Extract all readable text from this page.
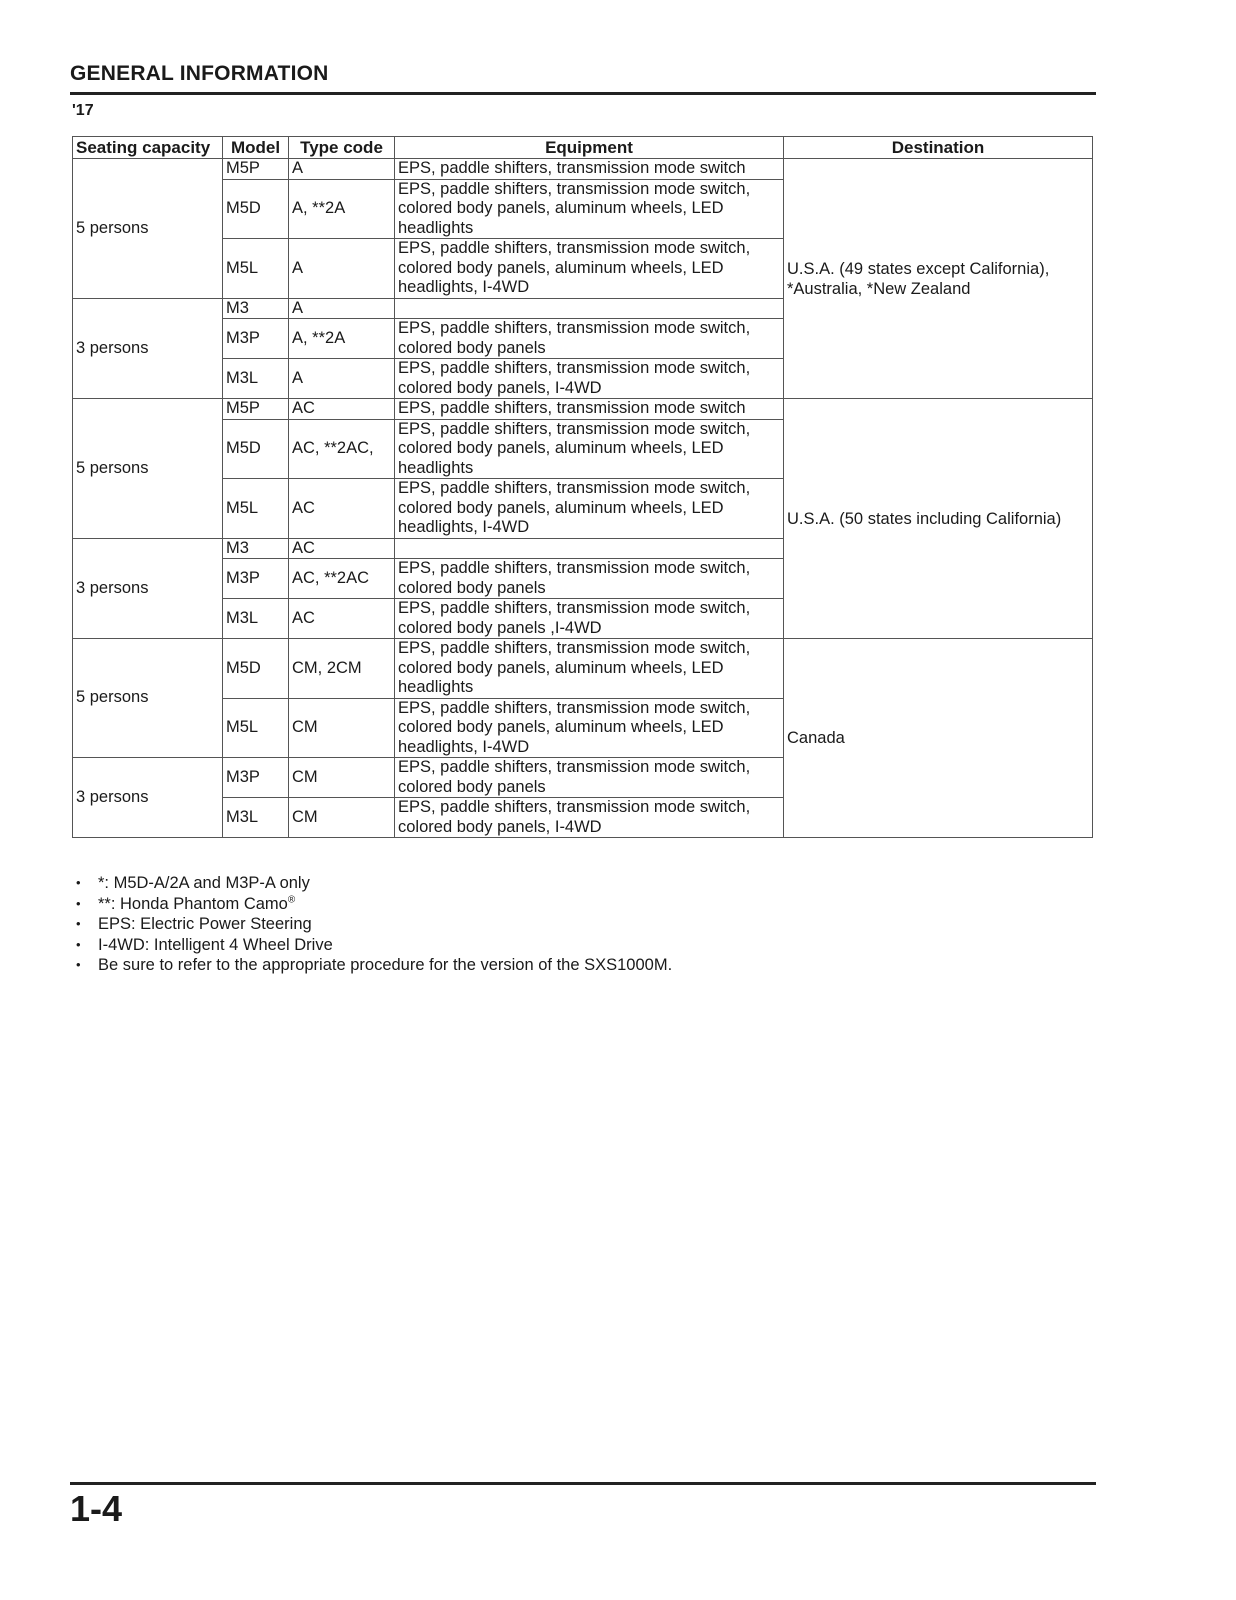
GENERAL INFORMATION
'17
Seating capacity	Model	Type code	Equipment	Destination
5 persons	M5P	A	EPS, paddle shifters, transmission mode switch	U.S.A. (49 states except California), *Australia, *New Zealand
	M5D	A, **2A	EPS, paddle shifters, transmission mode switch, colored body panels, aluminum wheels, LED headlights	
	M5L	A	EPS, paddle shifters, transmission mode switch, colored body panels, aluminum wheels, LED headlights, I-4WD	
3 persons	M3	A		
	M3P	A, **2A	EPS, paddle shifters, transmission mode switch, colored body panels	
	M3L	A	EPS, paddle shifters, transmission mode switch, colored body panels, I-4WD	
5 persons	M5P	AC	EPS, paddle shifters, transmission mode switch	U.S.A. (50 states including California)
	M5D	AC, **2AC,	EPS, paddle shifters, transmission mode switch, colored body panels, aluminum wheels, LED headlights	
	M5L	AC	EPS, paddle shifters, transmission mode switch, colored body panels, aluminum wheels, LED headlights, I-4WD	
3 persons	M3	AC		
	M3P	AC, **2AC	EPS, paddle shifters, transmission mode switch, colored body panels	
	M3L	AC	EPS, paddle shifters, transmission mode switch, colored body panels ,I-4WD	
5 persons	M5D	CM, 2CM	EPS, paddle shifters, transmission mode switch, colored body panels, aluminum wheels, LED headlights	Canada
	M5L	CM	EPS, paddle shifters, transmission mode switch, colored body panels, aluminum wheels, LED headlights, I-4WD	
3 persons	M3P	CM	EPS, paddle shifters, transmission mode switch, colored body panels	
	M3L	CM	EPS, paddle shifters, transmission mode switch, colored body panels, I-4WD	
• *: M5D-A/2A and M3P-A only
• **: Honda Phantom Camo®
• EPS: Electric Power Steering
• I-4WD: Intelligent 4 Wheel Drive
• Be sure to refer to the appropriate procedure for the version of the SXS1000M.
1-4
